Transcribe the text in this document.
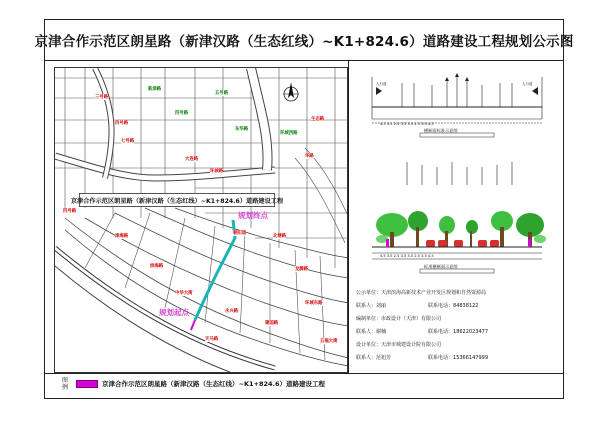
京津合作示范区朗星路（新津汉路（生态红线）~K1+824.6）道路建设工程规划公示图
京津合作示范区朗星路（新津汉路（生态红线）~K1+824.6）道路建设工程
规划终点
规划起点
三号路
新津路
五号路
四号路
四号路
七号路
东华路
大连路
环城西路
生态路
华路
四号路
环城路
朝阳道
北塘路
龙腾路
津海路
滨海路
中华大街
永兴路
建国路
天马路
环城东路
五福大街
人行道	人行道
横断面标准示意图
4.5 3.5 2.5 3.5 3.5 2.5 3.5 4.5
4.5 3.5 2.5 3.5 3.5 2.5 3.5 4.5
标准横断面示意图
公示单位：天津滨海高新技术产业开发区规划和自然资源局
联系人：刘丽	联系电话：84838122
编制单位：市政设计（天津）有限公司
联系人：谢楠	联系电话：18622023477
设计单位：天津市城建设计院有限公司
联系人：范旭芳	联系电话：15366147999
图例	京津合作示范区朗星路（新津汉路（生态红线）~K1+824.6）道路建设工程
